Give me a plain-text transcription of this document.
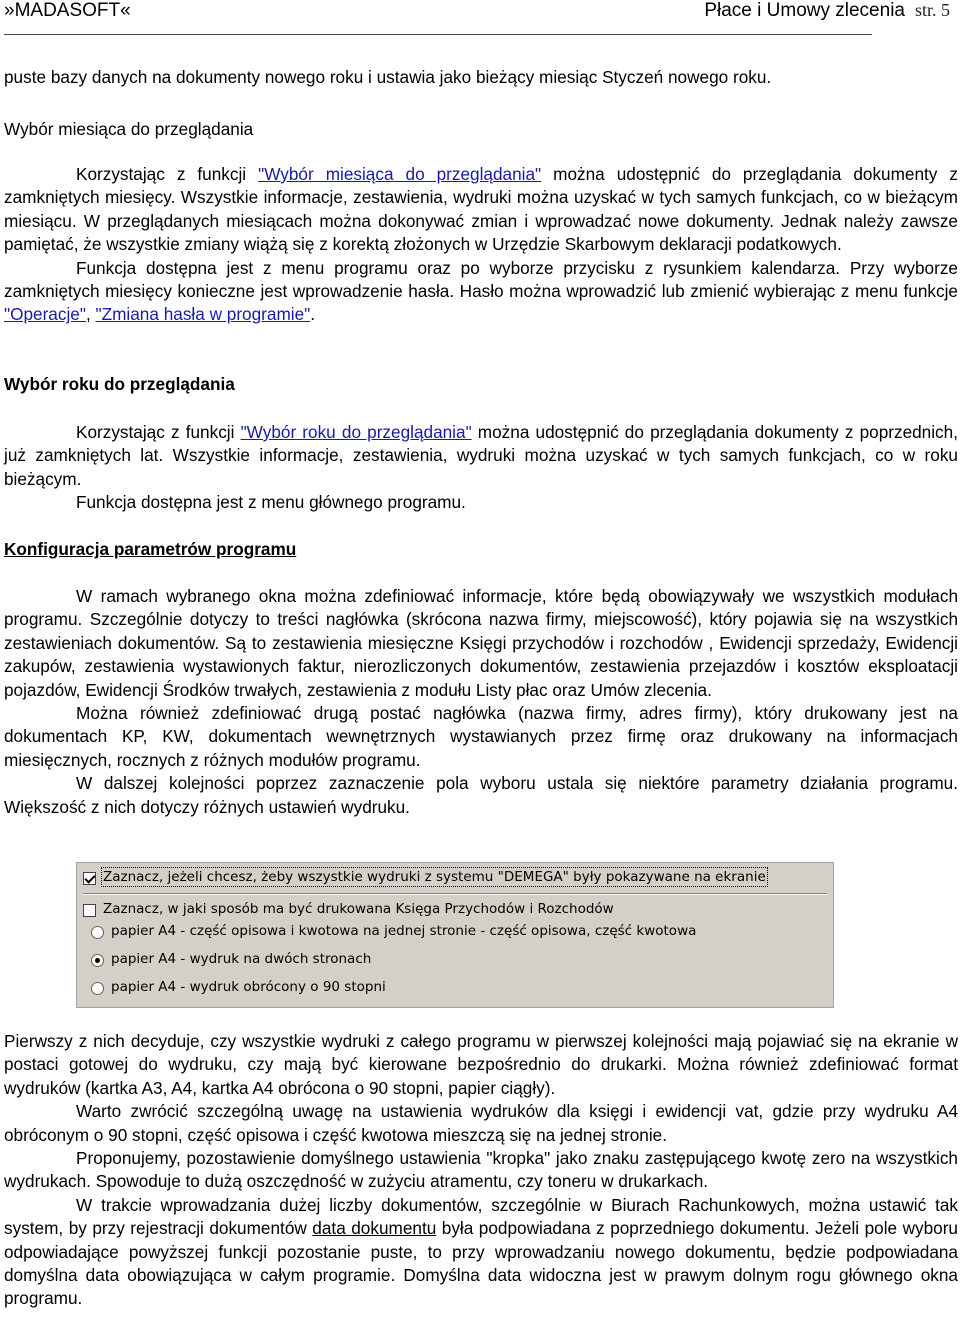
»MADASOFT«	Płace i Umowy zlecenia str. 5

puste bazy danych na dokumenty nowego roku i ustawia jako bieżący miesiąc Styczeń nowego roku.

Wybór miesiąca do przeglądania

Korzystając z funkcji "Wybór miesiąca do przeglądania" można udostępnić do przeglądania dokumenty z zamkniętych miesięcy. Wszystkie informacje, zestawienia, wydruki można uzyskać w tych samych funkcjach, co w bieżącym miesiącu. W przeglądanych miesiącach można dokonywać zmian i wprowadzać nowe dokumenty. Jednak należy zawsze pamiętać, że wszystkie zmiany wiążą się z korektą złożonych w Urzędzie Skarbowym deklaracji podatkowych.

Funkcja dostępna jest z menu programu oraz po wyborze przycisku z rysunkiem kalendarza. Przy wyborze zamkniętych miesięcy konieczne jest wprowadzenie hasła. Hasło można wprowadzić lub zmienić wybierając z menu funkcje "Operacje", "Zmiana hasła w programie".

Wybór roku do przeglądania

Korzystając z funkcji "Wybór roku do przeglądania" można udostępnić do przeglądania dokumenty z poprzednich, już zamkniętych lat. Wszystkie informacje, zestawienia, wydruki można uzyskać w tych samych funkcjach, co w roku bieżącym.

Funkcja dostępna jest z menu głównego programu.

Konfiguracja parametrów programu

W ramach wybranego okna można zdefiniować informacje, które będą obowiązywały we wszystkich modułach programu. Szczególnie dotyczy to treści nagłówka (skrócona nazwa firmy, miejscowość), który pojawia się na wszystkich zestawieniach dokumentów. Są to zestawienia miesięczne Księgi przychodów i rozchodów , Ewidencji sprzedaży, Ewidencji zakupów, zestawienia wystawionych faktur, nierozliczonych dokumentów, zestawienia przejazdów i kosztów eksploatacji pojazdów, Ewidencji Środków trwałych, zestawienia z modułu Listy płac oraz Umów zlecenia.

Można również zdefiniować drugą postać nagłówka (nazwa firmy, adres firmy), który drukowany jest na dokumentach KP, KW, dokumentach wewnętrznych wystawianych przez firmę oraz drukowany na informacjach miesięcznych, rocznych z różnych modułów programu.

W dalszej kolejności poprzez zaznaczenie pola wyboru ustala się niektóre parametry działania programu. Większość z nich dotyczy różnych ustawień wydruku.

Zaznacz, jeżeli chcesz, żeby wszystkie wydruki z systemu "DEMEGA" były pokazywane na ekranie
Zaznacz, w jaki sposób ma być drukowana Księga Przychodów i Rozchodów
papier A4 - część opisowa i kwotowa na jednej stronie - część opisowa, część kwotowa
papier A4 - wydruk na dwóch stronach
papier A4 - wydruk obrócony o 90 stopni

Pierwszy z nich decyduje, czy wszystkie wydruki z całego programu w pierwszej kolejności mają pojawiać się na ekranie w postaci gotowej do wydruku, czy mają być kierowane bezpośrednio do drukarki. Można również zdefiniować format wydruków (kartka A3, A4, kartka A4 obrócona o 90 stopni, papier ciągły).

Warto zwrócić szczególną uwagę na ustawienia wydruków dla księgi i ewidencji vat, gdzie przy wydruku A4 obróconym o 90 stopni, część opisowa i część kwotowa mieszczą się na jednej stronie.

Proponujemy, pozostawienie domyślnego ustawienia "kropka" jako znaku zastępującego kwotę zero na wszystkich wydrukach. Spowoduje to dużą oszczędność w zużyciu atramentu, czy toneru w drukarkach.

W trakcie wprowadzania dużej liczby dokumentów, szczególnie w Biurach Rachunkowych, można ustawić tak system, by przy rejestracji dokumentów data dokumentu była podpowiadana z poprzedniego dokumentu. Jeżeli pole wyboru odpowiadające powyższej funkcji pozostanie puste, to przy wprowadzaniu nowego dokumentu, będzie podpowiadana domyślna data obowiązująca w całym programie. Domyślna data widoczna jest w prawym dolnym rogu głównego okna programu.
